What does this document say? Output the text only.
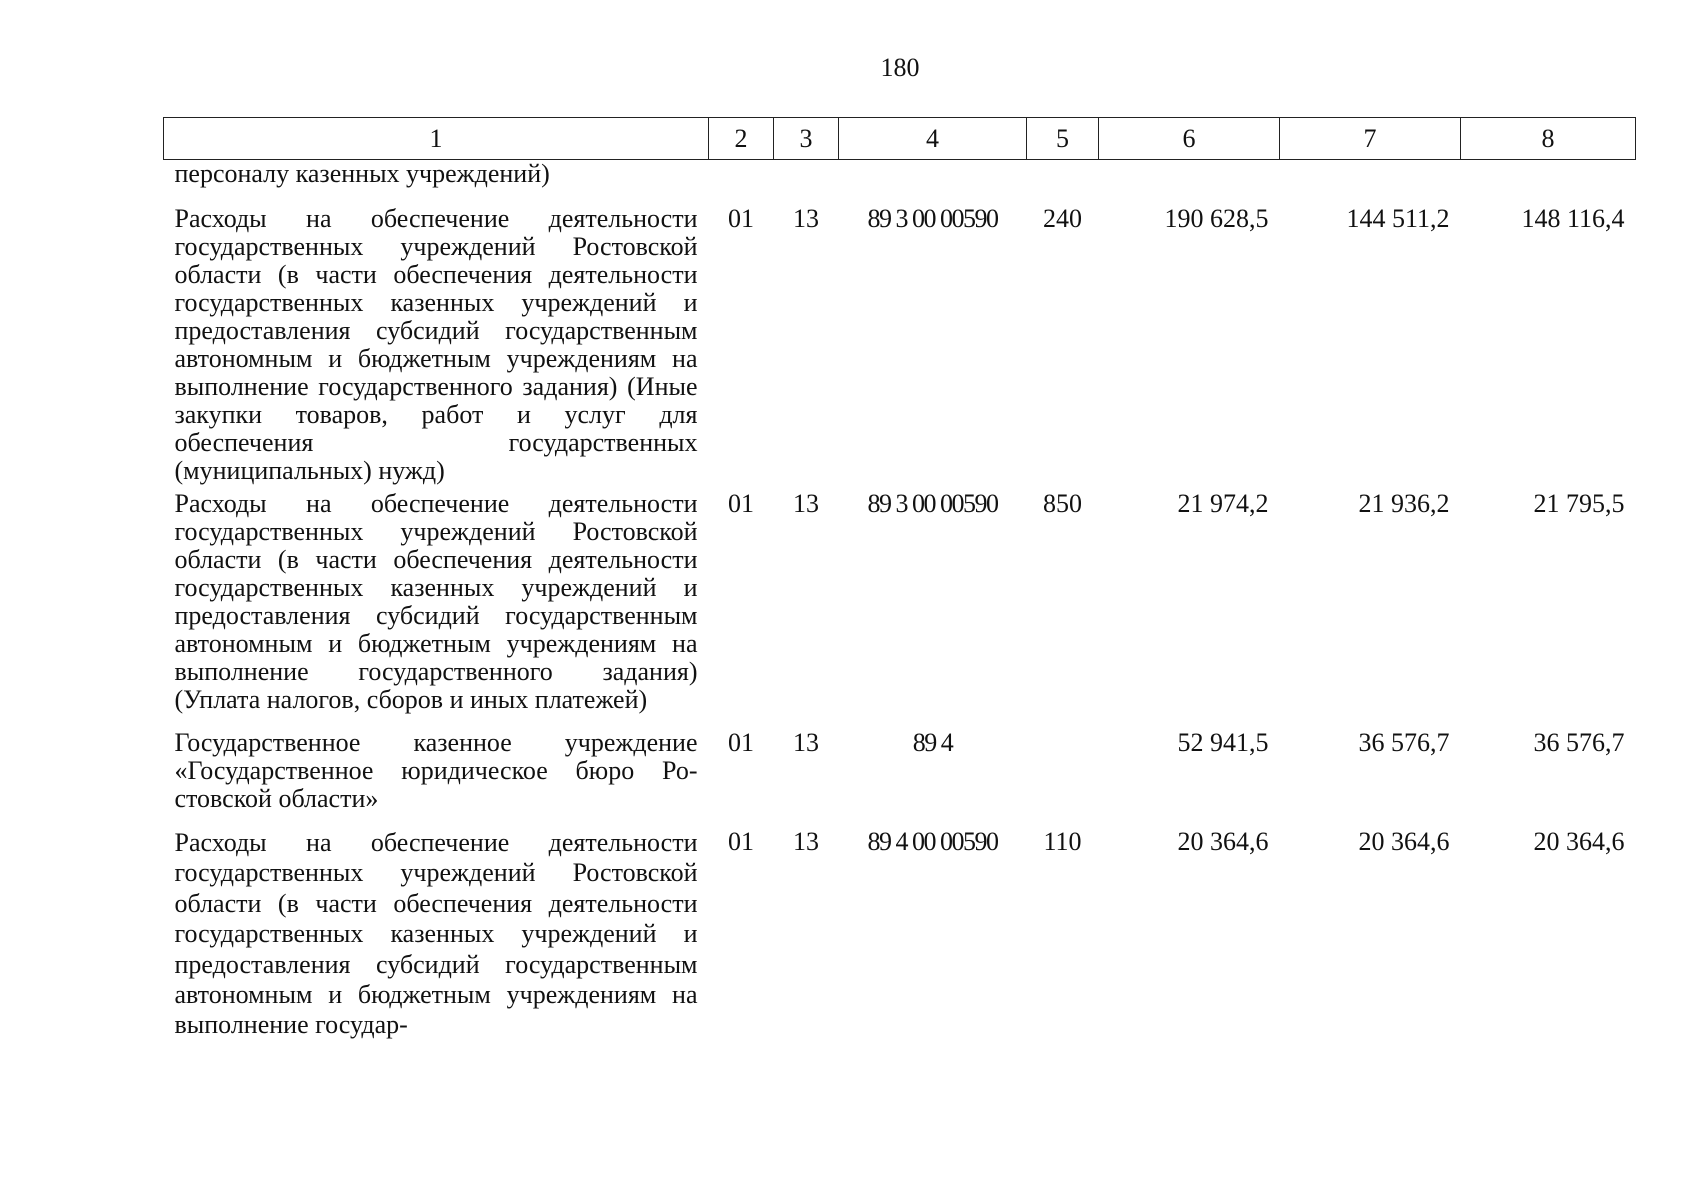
180
1	2	3	4	5	6	7	8
персоналу казенных учреждений)							
Расходы на обеспечение деятельности государственных учреждений Ростовской области (в части обеспечения деятельности государственных казенных учреждений и предоставления субсидий государственным автономным и бюджетным учреждениям на выполнение государственного задания) (Иные закупки товаров, работ и услуг для обеспечения государственных (муниципальных) нужд)	01	13	89 3 00 00590	240	190 628,5	144 511,2	148 116,4
Расходы на обеспечение деятельности государственных учреждений Ростовской области (в части обеспечения деятельности государственных казенных учреждений и предоставления субсидий государственным автономным и бюджетным учреждениям на выполнение государственного задания) (Уплата налогов, сборов и иных платежей)	01	13	89 3 00 00590	850	21 974,2	21 936,2	21 795,5
Государственное казенное учреждение «Государственное юридическое бюро Ростовской области»	01	13	89 4		52 941,5	36 576,7	36 576,7
Расходы на обеспечение деятельности государственных учреждений Ростовской области (в части обеспечения деятельности государственных казенных учреждений и предоставления субсидий государственным автономным и бюджетным учреждениям на выполнение государ-	01	13	89 4 00 00590	110	20 364,6	20 364,6	20 364,6
